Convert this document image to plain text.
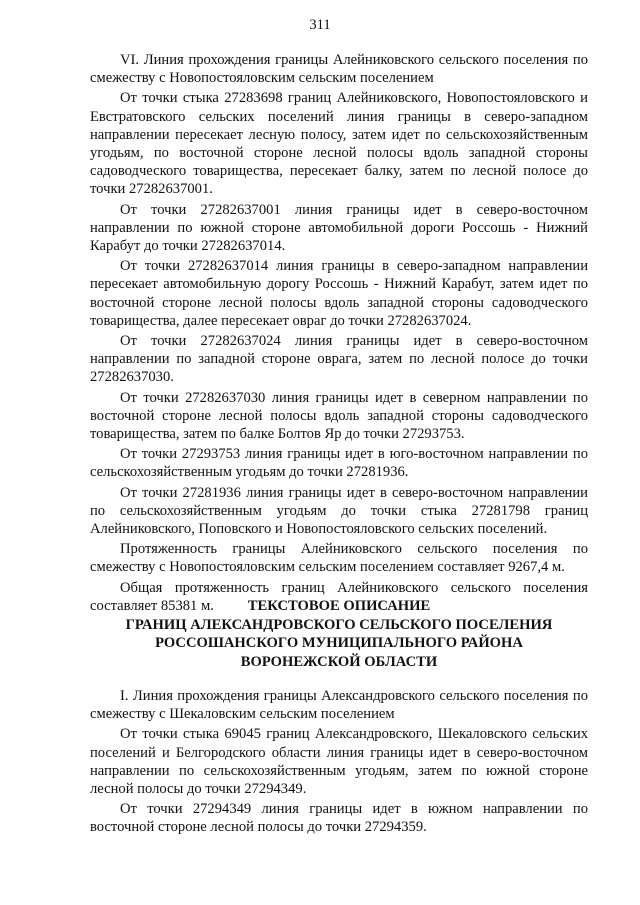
311

VI. Линия прохождения границы Алейниковского сельского поселения по смежеству с Новопостояловским сельским поселением

От точки стыка 27283698 границ Алейниковского, Новопостояловского и Евстратовского сельских поселений линия границы в северо-западном направлении пересекает лесную полосу, затем идет по сельскохозяйственным угодьям, по восточной стороне лесной полосы вдоль западной стороны садоводческого товарищества, пересекает балку, затем по лесной полосе до точки 27282637001.

От точки 27282637001 линия границы идет в северо-восточном направлении по южной стороне автомобильной дороги Россошь - Нижний Карабут до точки 27282637014.

От точки 27282637014 линия границы в северо-западном направлении пересекает автомобильную дорогу Россошь - Нижний Карабут, затем идет по восточной стороне лесной полосы вдоль западной стороны садоводческого товарищества, далее пересекает овраг до точки 27282637024.

От точки 27282637024 линия границы идет в северо-восточном направлении по западной стороне оврага, затем по лесной полосе до точки 27282637030.

От точки 27282637030 линия границы идет в северном направлении по восточной стороне лесной полосы вдоль западной стороны садоводческого товарищества, затем по балке Болтов Яр до точки 27293753.

От точки 27293753 линия границы идет в юго-восточном направлении по сельскохозяйственным угодьям до точки 27281936.

От точки 27281936 линия границы идет в северо-восточном направлении по сельскохозяйственным угодьям до точки стыка 27281798 границ Алейниковского, Поповского и Новопостояловского сельских поселений.

Протяженность границы Алейниковского сельского поселения по смежеству с Новопостояловским сельским поселением составляет 9267,4 м.

Общая протяженность границ Алейниковского сельского поселения составляет 85381 м.	ТЕКСТОВОЕ ОПИСАНИЕ
ГРАНИЦ АЛЕКСАНДРОВСКОГО СЕЛЬСКОГО ПОСЕЛЕНИЯ
РОССОШАНСКОГО МУНИЦИПАЛЬНОГО РАЙОНА
ВОРОНЕЖСКОЙ ОБЛАСТИ

I. Линия прохождения границы Александровского сельского поселения по смежеству с Шекаловским сельским поселением

От точки стыка 69045 границ Александровского, Шекаловского сельских поселений и Белгородского области линия границы идет в северо-восточном направлении по сельскохозяйственным угодьям, затем по южной стороне лесной полосы до точки 27294349.

От точки 27294349 линия границы идет в южном направлении по восточной стороне лесной полосы до точки 27294359.
